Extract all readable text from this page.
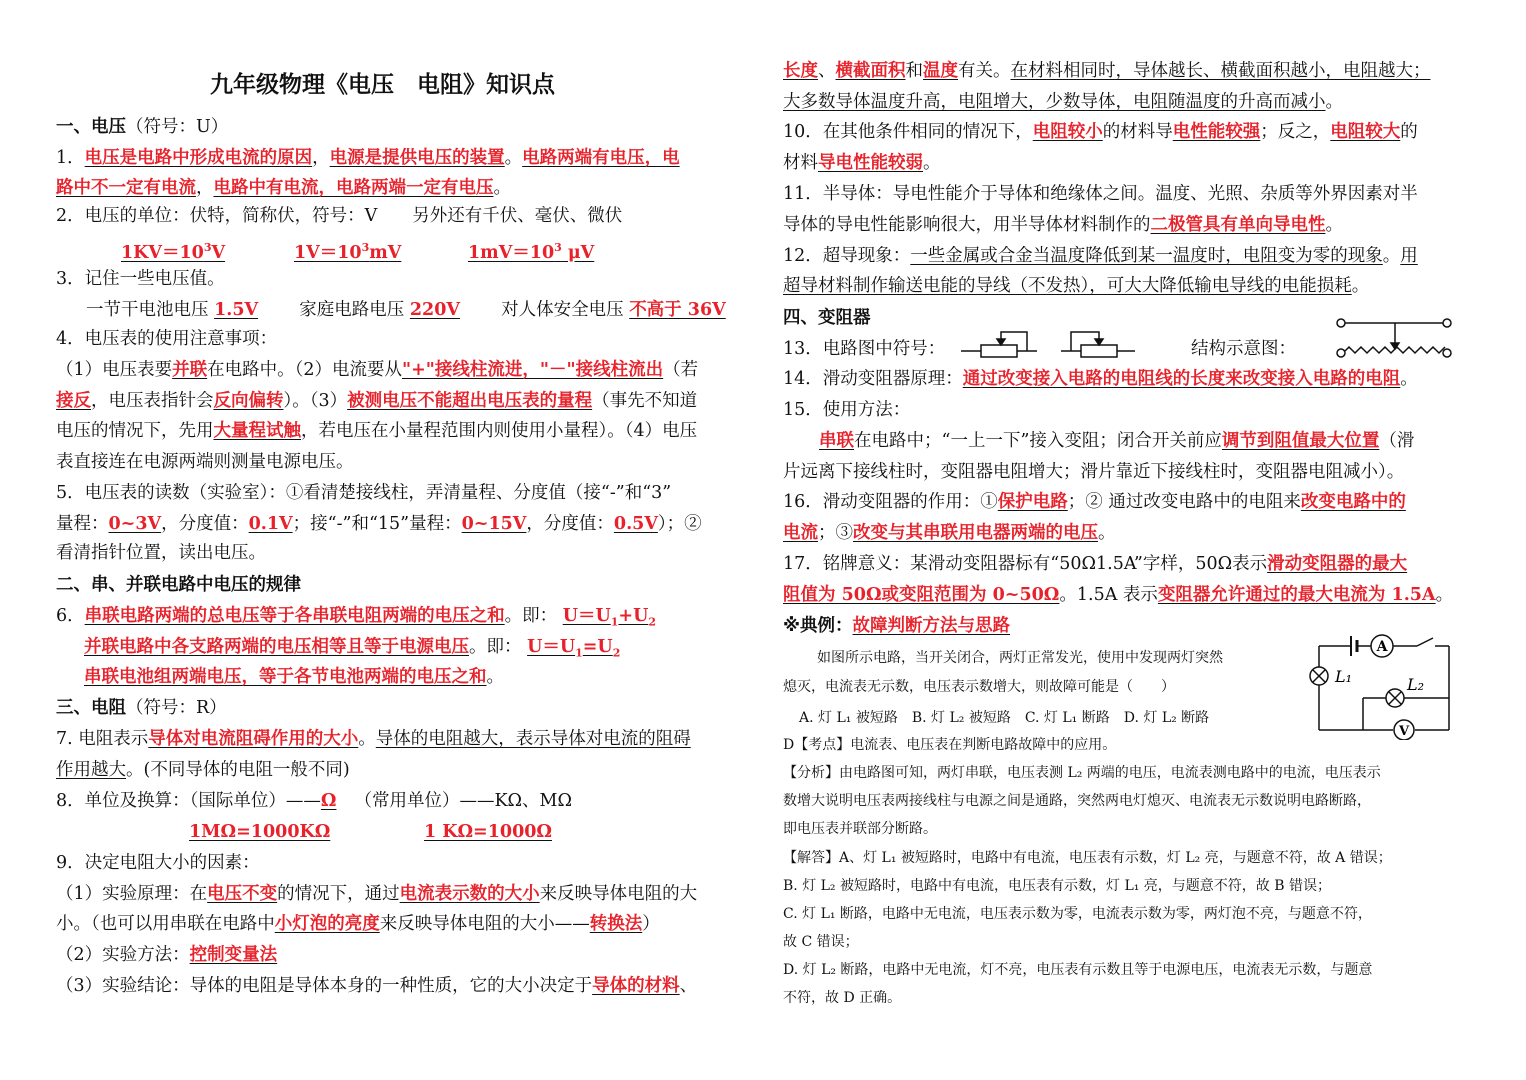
九年级物理《电压　电阻》知识点
一、电压（符号：U）
1．电压是电路中形成电流的原因，电源是提供电压的装置。电路两端有电压，电
路中不一定有电流，电路中有电流，电路两端一定有电压。
2．电压的单位：伏特，简称伏，符号：V　　另外还有千伏、毫伏、微伏
$1KV=10^3V$	$1V=10^3mV$	$1mV=10^3$ μV
3．记住一些电压值。
一节干电池电压 1.5V 家庭电路电压 220V 对人体安全电压 不高于 36V
4．电压表的使用注意事项：
（1）电压表要并联在电路中。（2）电流要从"+"接线柱流进，"－"接线柱流出（若
接反，电压表指针会反向偏转）。（3）被测电压不能超出电压表的量程（事先不知道
电压的情况下，先用大量程试触，若电压在小量程范围内则使用小量程）。（4）电压
表直接连在电源两端则测量电源电压。
5．电压表的读数（实验室）：①看清楚接线柱，弄清量程、分度值（接“-”和“3”
量程：0~3V，分度值：0.1V；接“-”和“15”量程：0~15V，分度值：0.5V）；②
看清指针位置，读出电压。
二、串、并联电路中电压的规律
6．串联电路两端的总电压等于各串联电阻两端的电压之和。即： $U=U_1+U_2$
并联电路中各支路两端的电压相等且等于电源电压。即： $U=U_1=U_2$
串联电池组两端电压，等于各节电池两端的电压之和。
三、电阻（符号：R）
7. 电阻表示导体对电流阻碍作用的大小。导体的电阻越大，表示导体对电流的阻碍
作用越大。(不同导体的电阻一般不同)
8．单位及换算：（国际单位）——Ω （常用单位）——KΩ、MΩ
1MΩ=1000KΩ	1 KΩ=1000Ω
9．决定电阻大小的因素：
（1）实验原理：在电压不变的情况下，通过电流表示数的大小来反映导体电阻的大
小。（也可以用串联在电路中小灯泡的亮度来反映导体电阻的大小——转换法）
（2）实验方法：控制变量法
（3）实验结论：导体的电阻是导体本身的一种性质，它的大小决定于导体的材料、
长度、横截面积和温度有关。在材料相同时，导体越长、横截面积越小，电阻越大；
大多数导体温度升高，电阻增大，少数导体，电阻随温度的升高而减小。
10．在其他条件相同的情况下，电阻较小的材料导电性能较强；反之，电阻较大的
材料导电性能较弱。
11．半导体：导电性能介于导体和绝缘体之间。温度、光照、杂质等外界因素对半
导体的导电性能影响很大，用半导体材料制作的二极管具有单向导电性。
12．超导现象：一些金属或合金当温度降低到某一温度时，电阻变为零的现象。用
超导材料制作输送电能的导线（不发热），可大大降低输电导线的电能损耗。
四、变阻器
13．电路图中符号：	结构示意图：
14．滑动变阻器原理：通过改变接入电路的电阻线的长度来改变接入电路的电阻。
15．使用方法：
串联在电路中；“一上一下”接入变阻；闭合开关前应调节到阻值最大位置（滑
片远离下接线柱时，变阻器电阻增大；滑片靠近下接线柱时，变阻器电阻减小）。
16．滑动变阻器的作用：①保护电路；② 通过改变电路中的电阻来改变电路中的
电流；③改变与其串联用电器两端的电压。
17．铭牌意义：某滑动变阻器标有“50Ω1.5A”字样，50Ω表示滑动变阻器的最大
阻值为 50Ω或变阻范围为 0~50Ω。1.5A 表示变阻器允许通过的最大电流为 1.5A。
※典例：故障判断方法与思路
如图所示电路，当开关闭合，两灯正常发光，使用中发现两灯突然
熄灭，电流表无示数，电压表示数增大，则故障可能是（　　）
A. 灯 L₁ 被短路　B. 灯 L₂ 被短路　C. 灯 L₁ 断路　D. 灯 L₂ 断路
D【考点】电流表、电压表在判断电路故障中的应用。
A
L₁	L₂
V
【分析】由电路图可知，两灯串联，电压表测 L₂ 两端的电压，电流表测电路中的电流，电压表示
数增大说明电压表两接线柱与电源之间是通路，突然两电灯熄灭、电流表无示数说明电路断路，
即电压表并联部分断路。
【解答】A、灯 L₁ 被短路时，电路中有电流，电压表有示数，灯 L₂ 亮，与题意不符，故 A 错误；
B. 灯 L₂ 被短路时，电路中有电流，电压表有示数，灯 L₁ 亮，与题意不符，故 B 错误；
C. 灯 L₁ 断路，电路中无电流，电压表示数为零，电流表示数为零，两灯泡不亮，与题意不符，
故 C 错误；
D. 灯 L₂ 断路，电路中无电流，灯不亮，电压表有示数且等于电源电压，电流表无示数，与题意
不符，故 D 正确。
